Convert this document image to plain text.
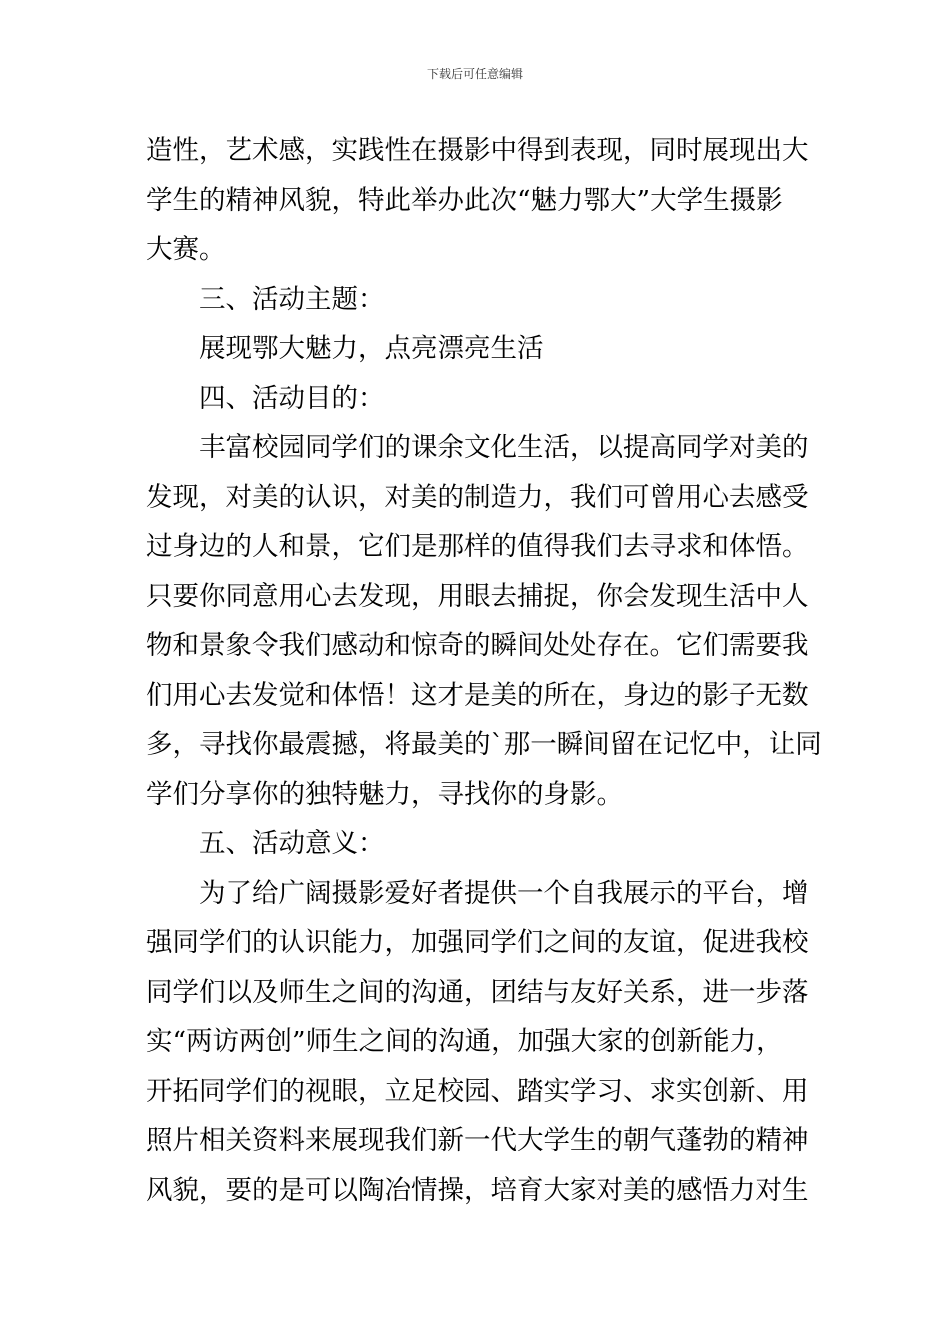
下载后可任意编辑
造性，艺术感，实践性在摄影中得到表现，同时展现出大
学生的精神风貌，特此举办此次“魅力鄂大”大学生摄影
大赛。
三、活动主题：
展现鄂大魅力，点亮漂亮生活
四、活动目的：
丰富校园同学们的课余文化生活，以提高同学对美的
发现，对美的认识，对美的制造力，我们可曾用心去感受
过身边的人和景，它们是那样的值得我们去寻求和体悟。
只要你同意用心去发现，用眼去捕捉，你会发现生活中人
物和景象令我们感动和惊奇的瞬间处处存在。它们需要我
们用心去发觉和体悟！这才是美的所在，身边的影子无数
多，寻找你最震撼，将最美的`那一瞬间留在记忆中，让同
学们分享你的独特魅力，寻找你的身影。
五、活动意义：
为了给广阔摄影爱好者提供一个自我展示的平台，增
强同学们的认识能力，加强同学们之间的友谊，促进我校
同学们以及师生之间的沟通，团结与友好关系，进一步落
实“两访两创”师生之间的沟通，加强大家的创新能力，
开拓同学们的视眼，立足校园、踏实学习、求实创新、用
照片相关资料来展现我们新一代大学生的朝气蓬勃的精神
风貌，要的是可以陶冶情操，培育大家对美的感悟力对生
